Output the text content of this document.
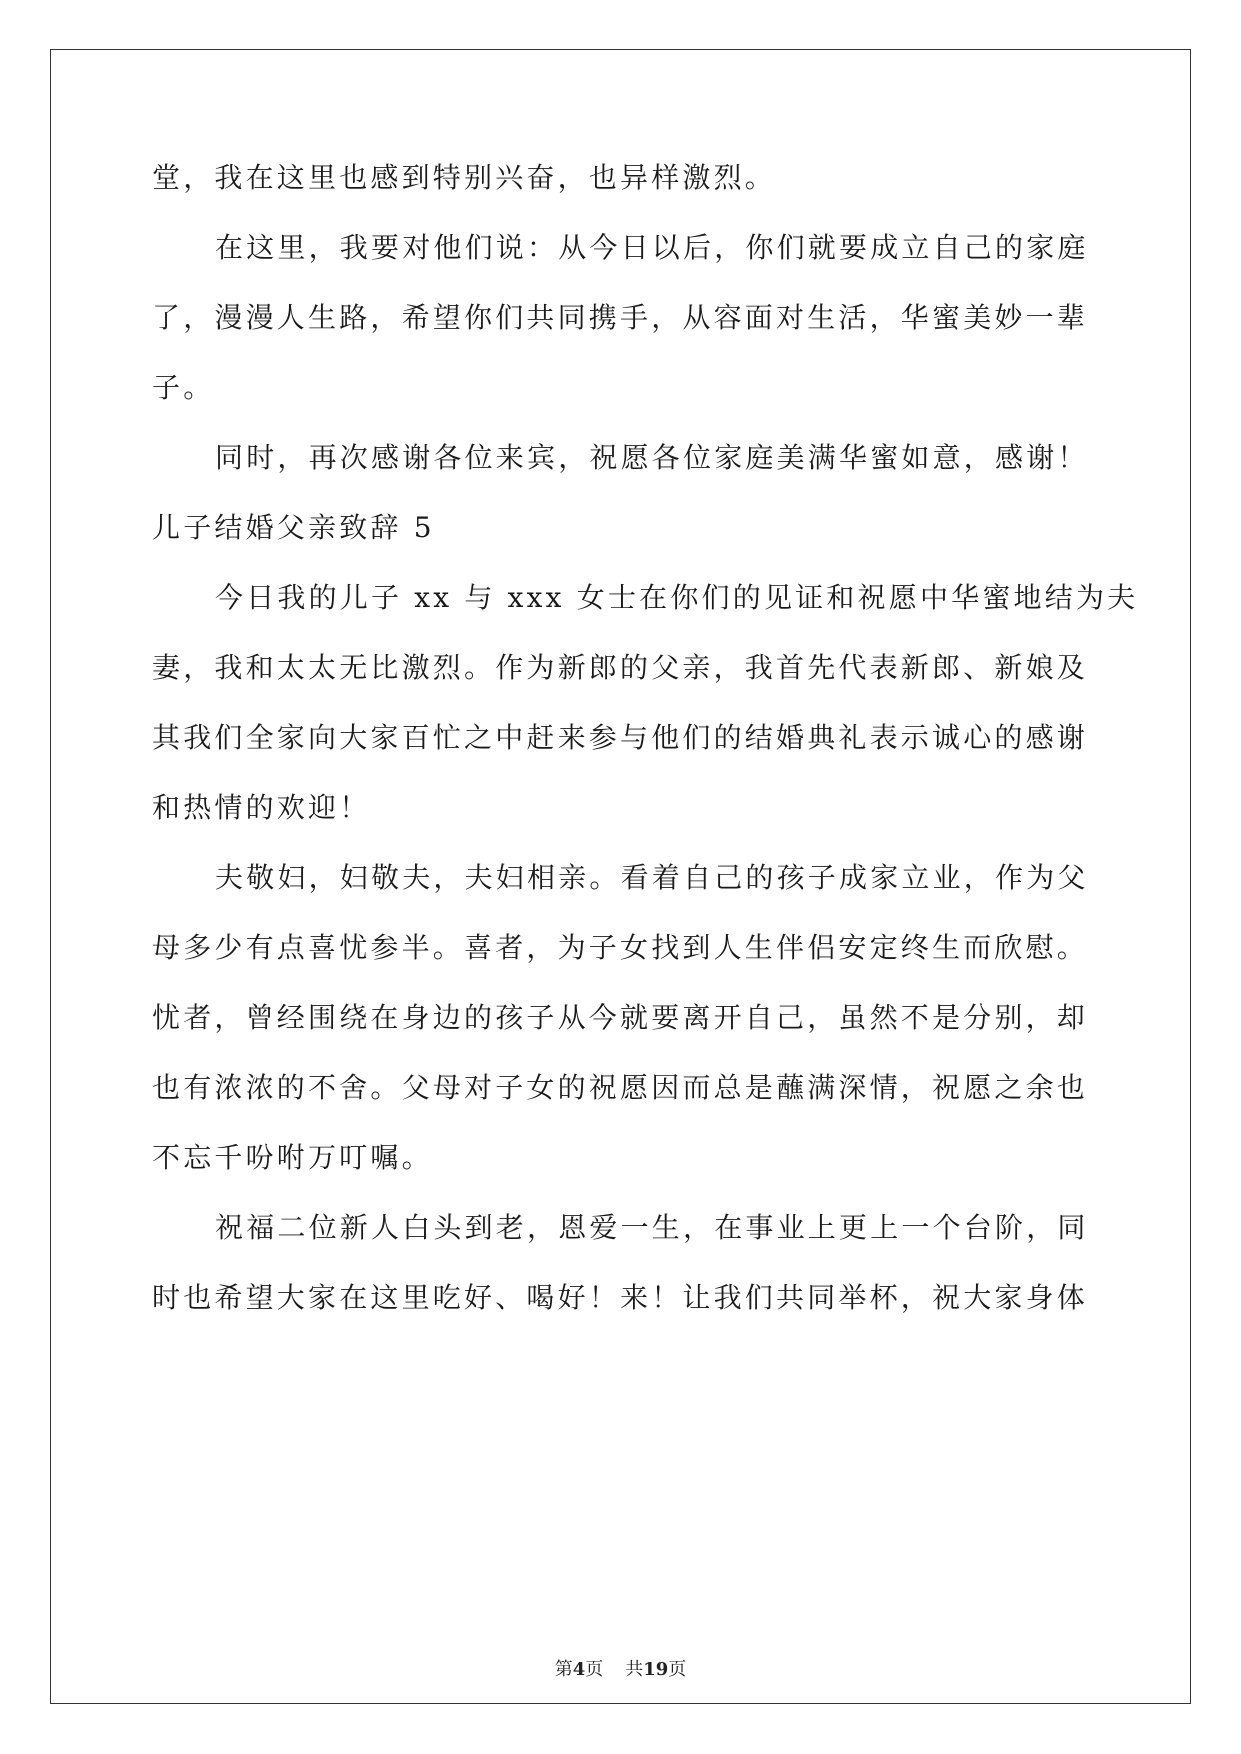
堂，我在这里也感到特别兴奋，也异样激烈。
在这里，我要对他们说：从今日以后，你们就要成立自己的家庭
了，漫漫人生路，希望你们共同携手，从容面对生活，华蜜美妙一辈
子。
同时，再次感谢各位来宾，祝愿各位家庭美满华蜜如意，感谢！
儿子结婚父亲致辞 5
今日我的儿子 xx 与 xxx 女士在你们的见证和祝愿中华蜜地结为夫
妻，我和太太无比激烈。作为新郎的父亲，我首先代表新郎、新娘及
其我们全家向大家百忙之中赶来参与他们的结婚典礼表示诚心的感谢
和热情的欢迎！
夫敬妇，妇敬夫，夫妇相亲。看着自己的孩子成家立业，作为父
母多少有点喜忧参半。喜者，为子女找到人生伴侣安定终生而欣慰。
忧者，曾经围绕在身边的孩子从今就要离开自己，虽然不是分别，却
也有浓浓的不舍。父母对子女的祝愿因而总是蘸满深情，祝愿之余也
不忘千吩咐万叮嘱。
祝福二位新人白头到老，恩爱一生，在事业上更上一个台阶，同
时也希望大家在这里吃好、喝好！来！让我们共同举杯，祝大家身体
第4页 共19页
